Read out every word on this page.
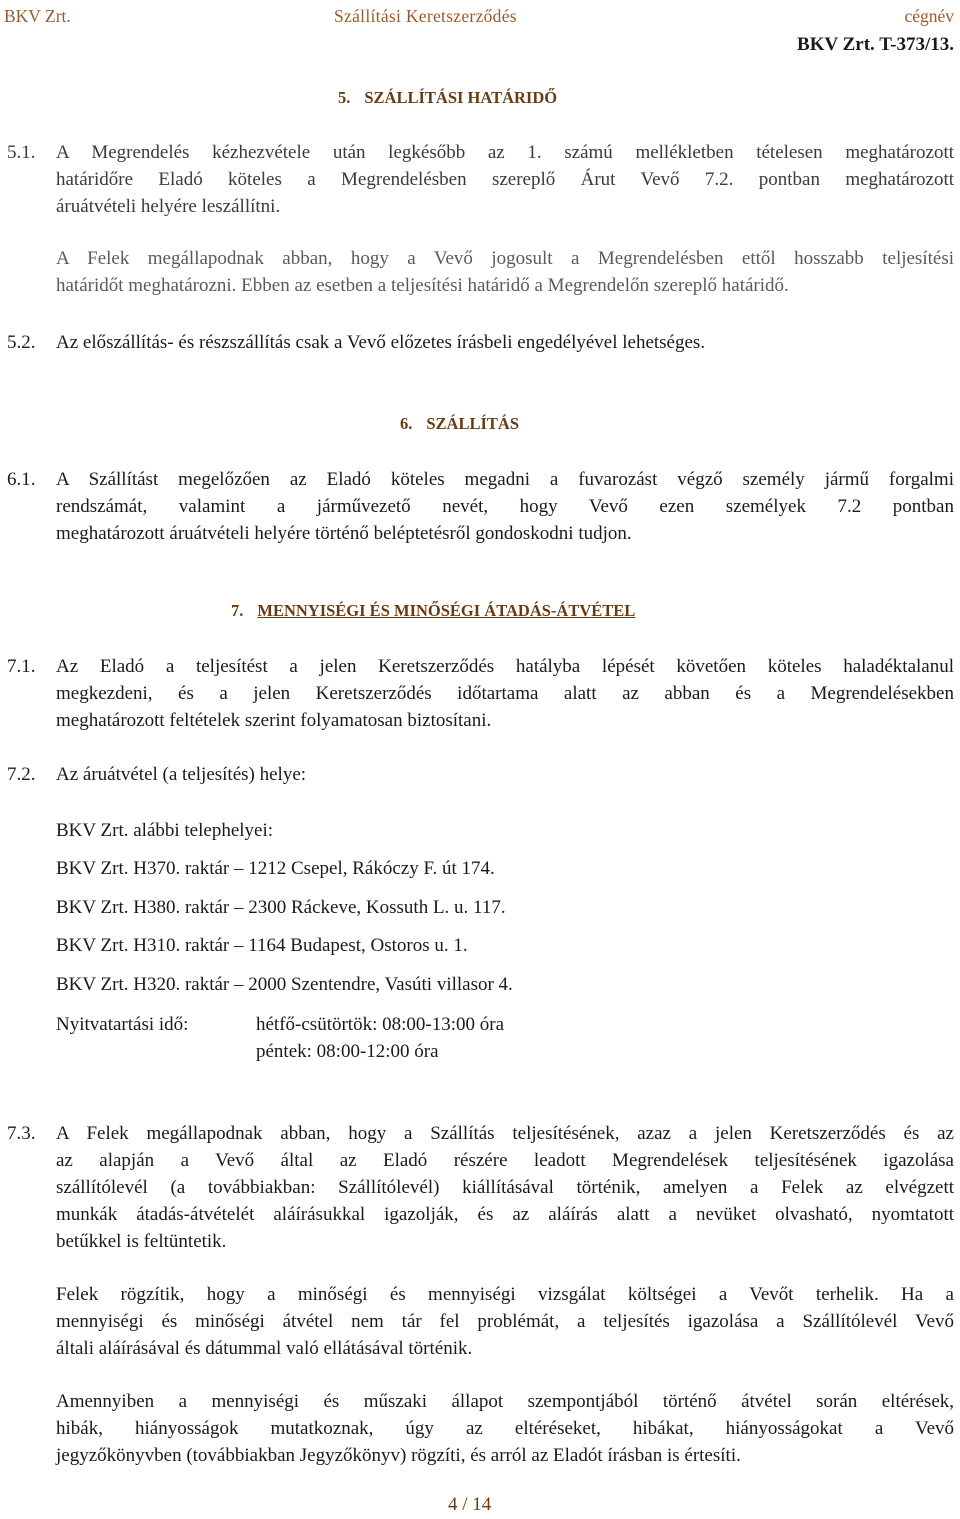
BKV Zrt.	Szállítási Keretszerződés	cégnév
BKV Zrt. T-373/13.
5. SZÁLLÍTÁSI HATÁRIDŐ
5.1. A Megrendelés kézhezvétele után legkésőbb az 1. számú mellékletben tételesen meghatározott
határidőre Eladó köteles a Megrendelésben szereplő Árut Vevő 7.2. pontban meghatározott
áruátvételi helyére leszállítni.
A Felek megállapodnak abban, hogy a Vevő jogosult a Megrendelésben ettől hosszabb teljesítési
határidőt meghatározni. Ebben az esetben a teljesítési határidő a Megrendelőn szereplő határidő.
5.2. Az előszállítás- és részszállítás csak a Vevő előzetes írásbeli engedélyével lehetséges.
6. SZÁLLÍTÁS
6.1. A Szállítást megelőzően az Eladó köteles megadni a fuvarozást végző személy jármű forgalmi
rendszámát, valamint a járművezető nevét, hogy Vevő ezen személyek 7.2 pontban
meghatározott áruátvételi helyére történő beléptetésről gondoskodni tudjon.
7. MENNYISÉGI ÉS MINŐSÉGI ÁTADÁS-ÁTVÉTEL
7.1. Az Eladó a teljesítést a jelen Keretszerződés hatályba lépését követően köteles haladéktalanul
megkezdeni, és a jelen Keretszerződés időtartama alatt az abban és a Megrendelésekben
meghatározott feltételek szerint folyamatosan biztosítani.
7.2. Az áruátvétel (a teljesítés) helye:
BKV Zrt. alábbi telephelyei:
BKV Zrt. H370. raktár – 1212 Csepel, Rákóczy F. út 174.
BKV Zrt. H380. raktár – 2300 Ráckeve, Kossuth L. u. 117.
BKV Zrt. H310. raktár – 1164 Budapest, Ostoros u. 1.
BKV Zrt. H320. raktár – 2000 Szentendre, Vasúti villasor 4.
Nyitvatartási idő:	hétfő-csütörtök: 08:00-13:00 óra
péntek: 08:00-12:00 óra
7.3. A Felek megállapodnak abban, hogy a Szállítás teljesítésének, azaz a jelen Keretszerződés és az
az alapján a Vevő által az Eladó részére leadott Megrendelések teljesítésének igazolása
szállítólevél (a továbbiakban: Szállítólevél) kiállításával történik, amelyen a Felek az elvégzett
munkák átadás-átvételét aláírásukkal igazolják, és az aláírás alatt a nevüket olvasható, nyomtatott
betűkkel is feltüntetik.
Felek rögzítik, hogy a minőségi és mennyiségi vizsgálat költségei a Vevőt terhelik. Ha a
mennyiségi és minőségi átvétel nem tár fel problémát, a teljesítés igazolása a Szállítólevél Vevő
általi aláírásával és dátummal való ellátásával történik.
Amennyiben a mennyiségi és műszaki állapot szempontjából történő átvétel során eltérések,
hibák, hiányosságok mutatkoznak, úgy az eltéréseket, hibákat, hiányosságokat a Vevő
jegyzőkönyvben (továbbiakban Jegyzőkönyv) rögzíti, és arról az Eladót írásban is értesíti.
4 / 14
